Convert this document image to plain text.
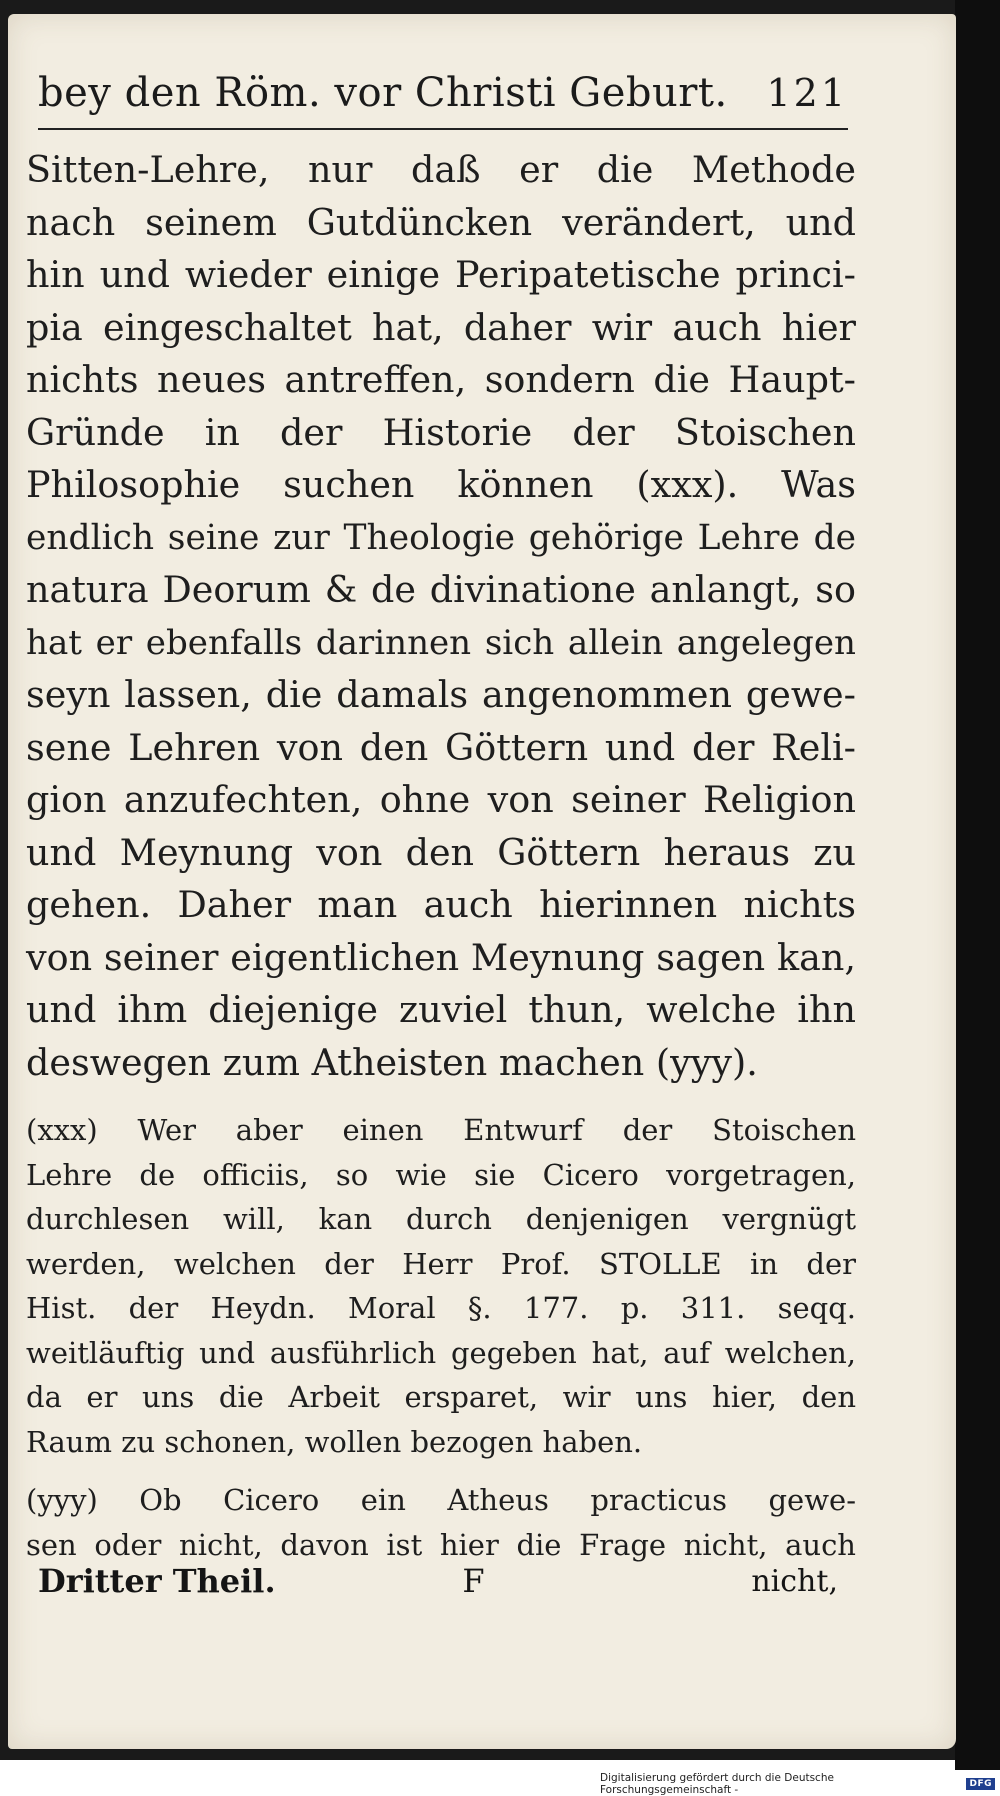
bey den Röm. vor Christi Geburt. 121
Sitten-Lehre, nur daß er die Methode
nach seinem Gutdüncken verändert, und
hin und wieder einige Peripatetische princi-
pia eingeschaltet hat, daher wir auch hier
nichts neues antreffen, sondern die Haupt-
Gründe in der Historie der Stoischen
Philosophie suchen können (xxx). Was
endlich seine zur Theologie gehörige Lehre de
natura Deorum & de divinatione anlangt, so
hat er ebenfalls darinnen sich allein angelegen
seyn lassen, die damals angenommen gewe-
sene Lehren von den Göttern und der Reli-
gion anzufechten, ohne von seiner Religion
und Meynung von den Göttern heraus zu
gehen. Daher man auch hierinnen nichts
von seiner eigentlichen Meynung sagen kan,
und ihm diejenige zuviel thun, welche ihn
deswegen zum Atheisten machen (yyy).
(xxx) Wer aber einen Entwurf der Stoischen
Lehre de officiis, so wie sie Cicero vorgetragen,
durchlesen will, kan durch denjenigen vergnügt
werden, welchen der Herr Prof. STOLLE in der
Hist. der Heydn. Moral §. 177. p. 311. seqq.
weitläuftig und ausführlich gegeben hat, auf welchen,
da er uns die Arbeit ersparet, wir uns hier, den
Raum zu schonen, wollen bezogen haben.
(yyy) Ob Cicero ein Atheus practicus gewe-
sen oder nicht, davon ist hier die Frage nicht, auch
Dritter Theil.	F	nicht,
Digitalisierung gefördert durch die Deutsche Forschungsgemeinschaft -	DFG
